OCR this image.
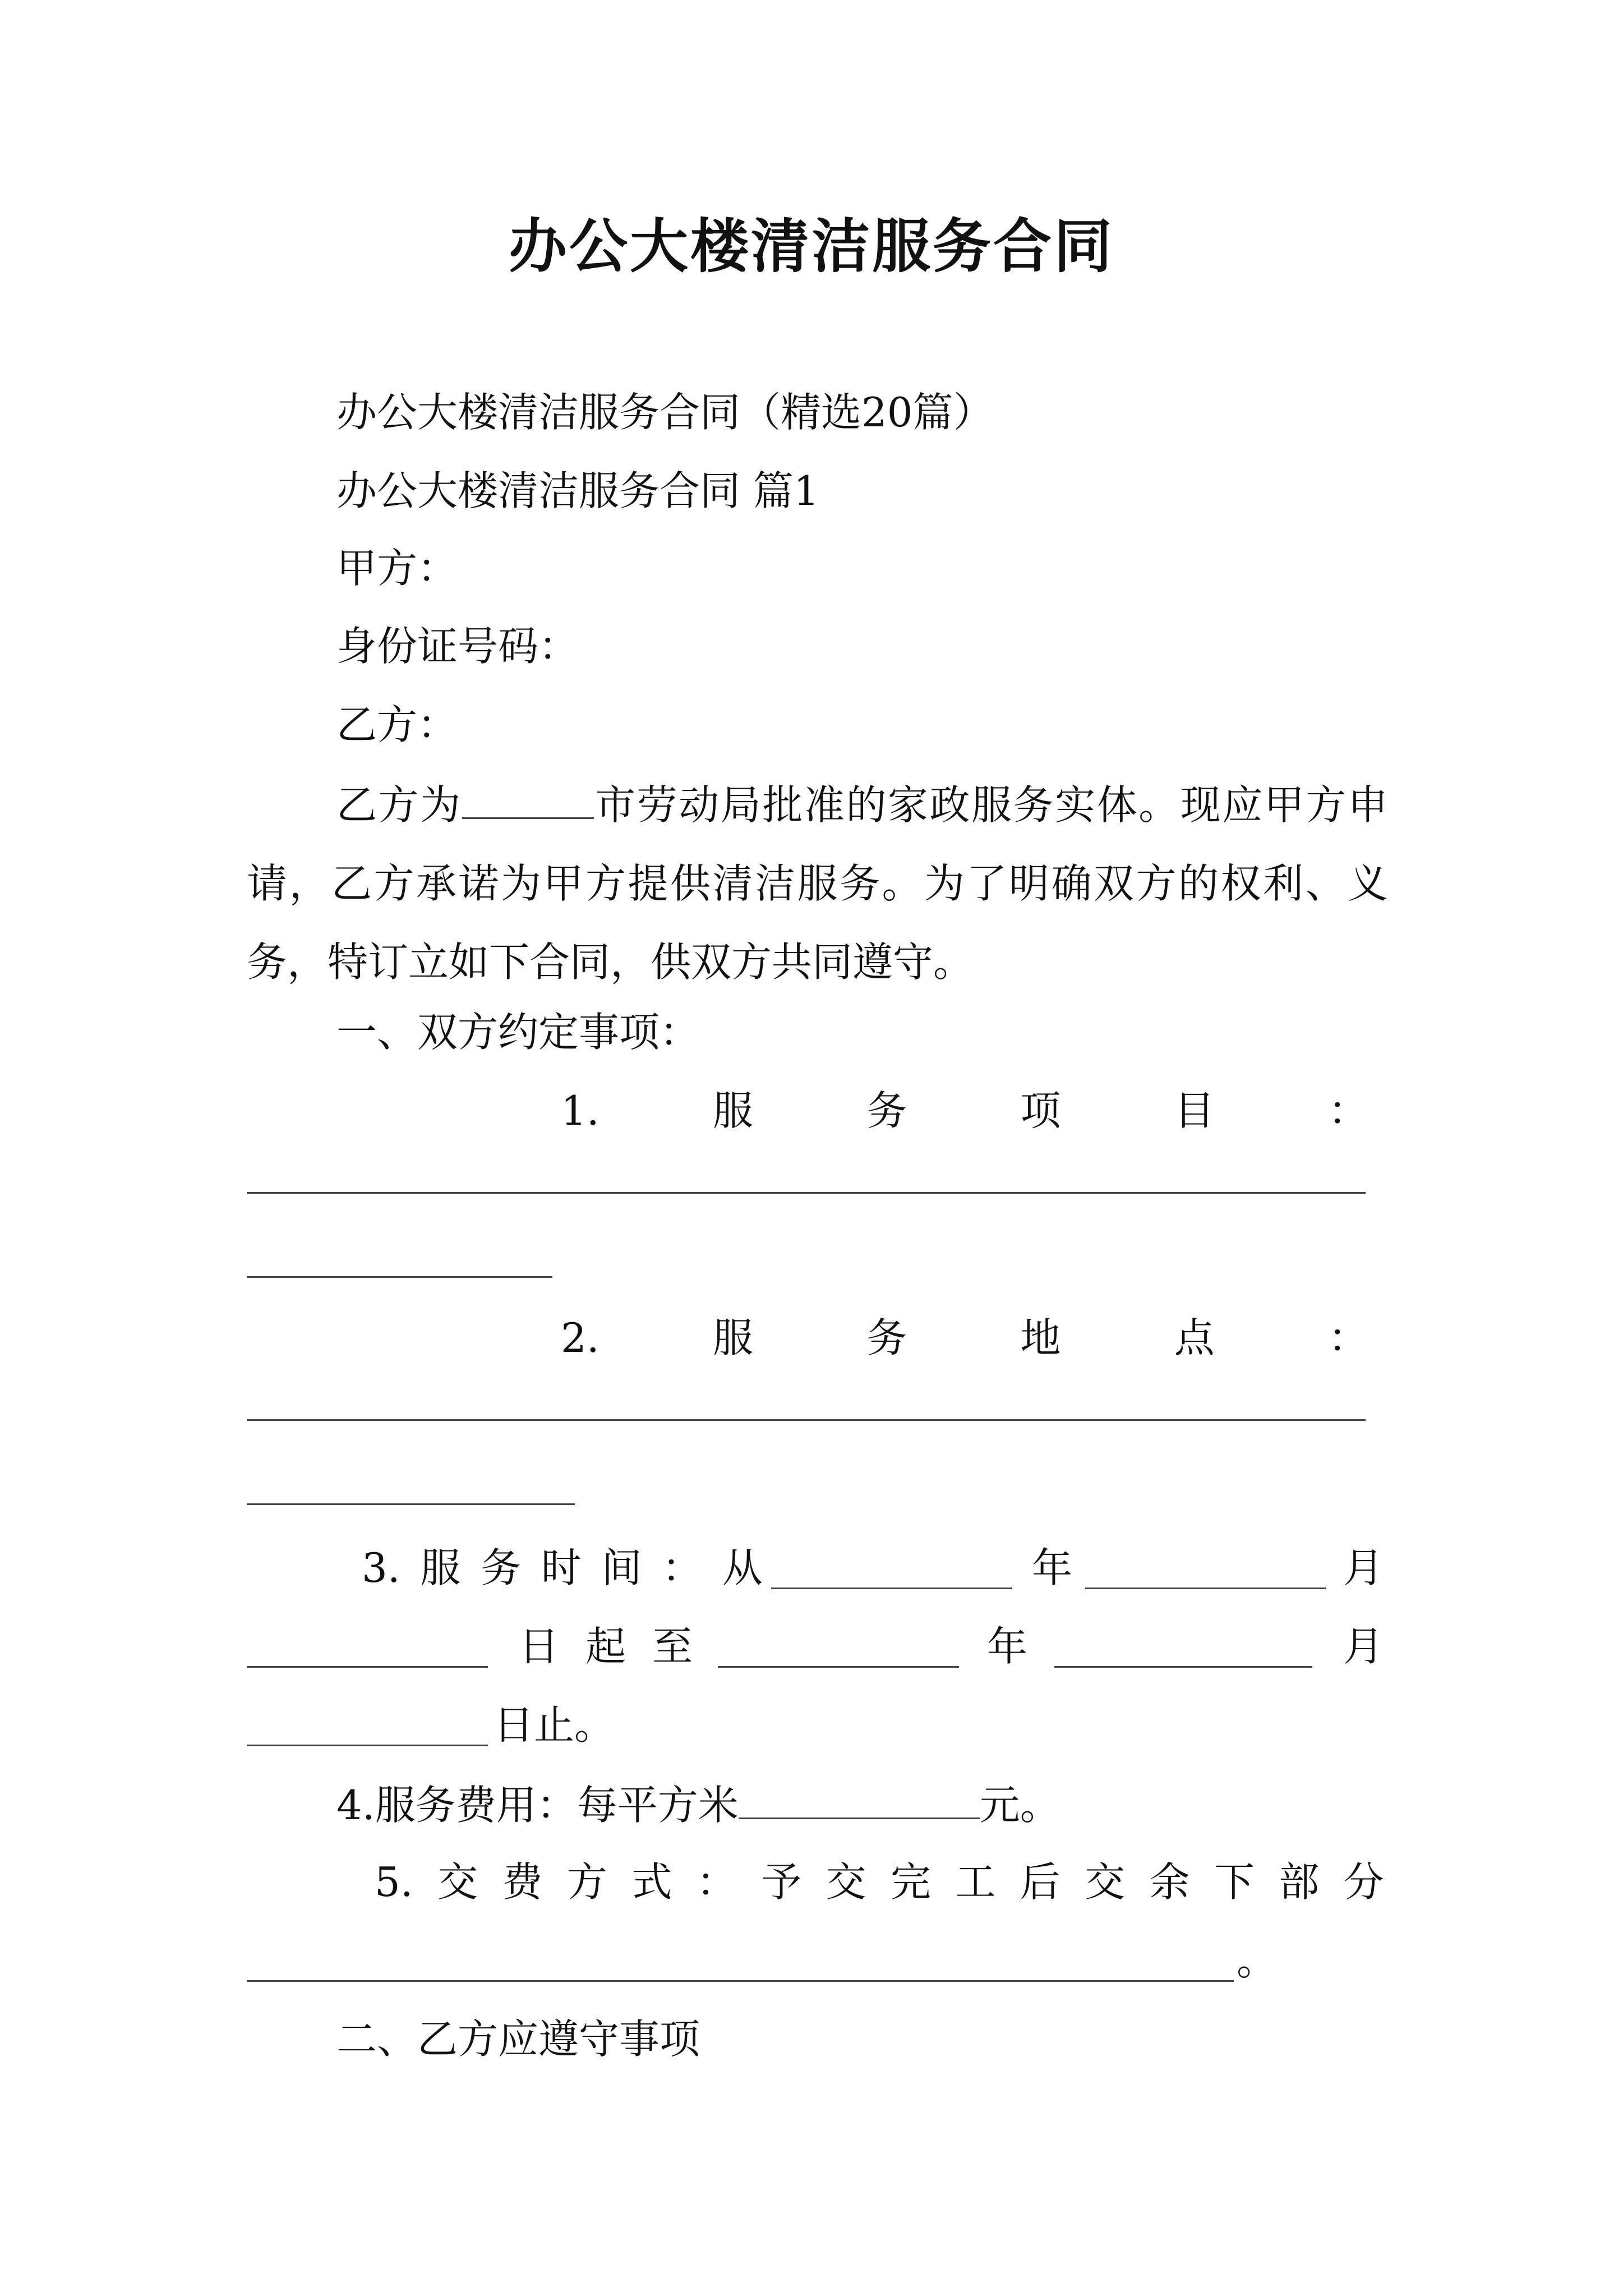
办公大楼清洁服务合同
办公大楼清洁服务合同（精选20篇）
办公大楼清洁服务合同 篇1
甲方：
身份证号码：
乙方：
乙方为	市劳动局批准的家政服务实体。现应甲方申请，乙方承诺为甲方提供清洁服务。为了明确双方的权利、义务，特订立如下合同，供双方共同遵守。
一、双方约定事项：
1.	服	务	项	目	：
2.	服	务	地	点	：
3. 服 务 时 间 ： 从	年	月
日 起 至	年	月
日止。
4.服务费用：每平方米	元。
5. 交 费 方 式 ： 予 交 完 工 后 交 余 下 部 分
。
二、乙方应遵守事项
